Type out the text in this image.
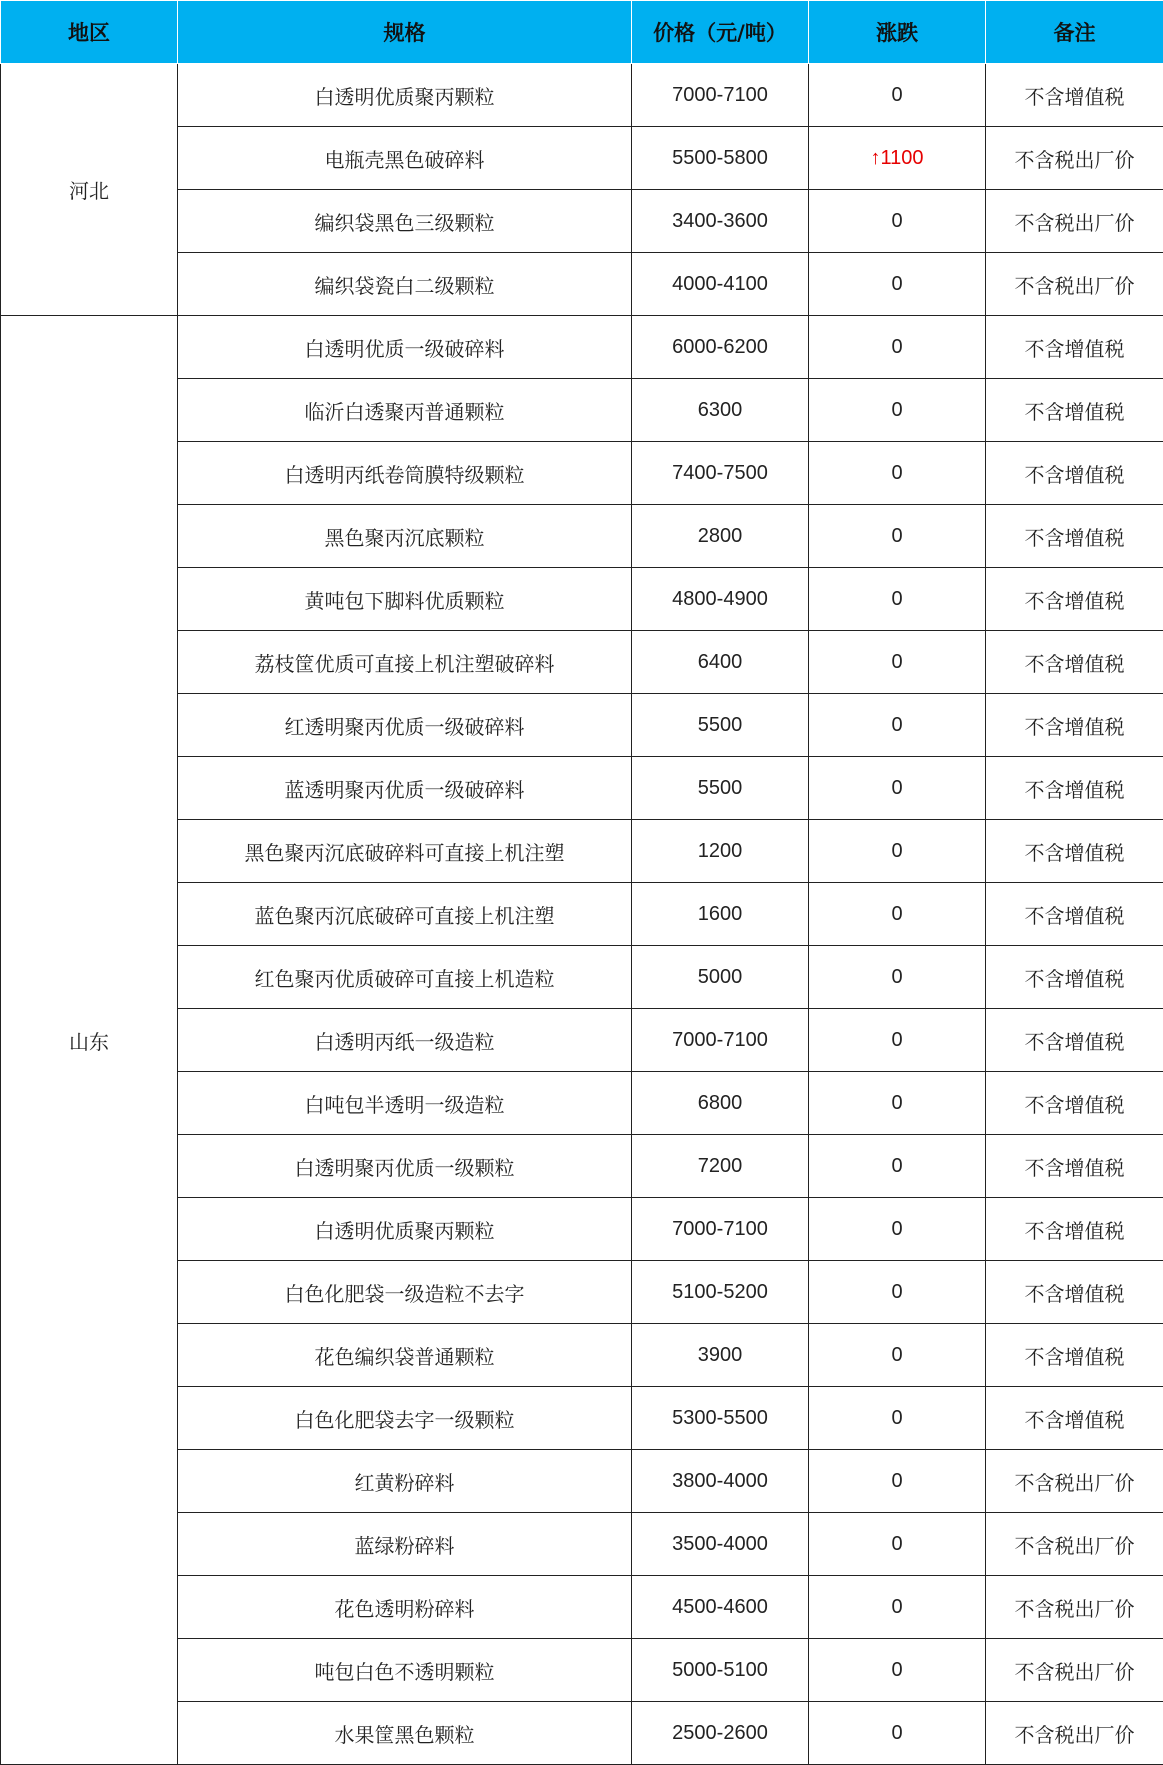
地区	规格	价格（元/吨）	涨跌	备注
河北	白透明优质聚丙颗粒	7000-7100	0	不含增值税
	电瓶壳黑色破碎料	5500-5800	↑1100	不含税出厂价
	编织袋黑色三级颗粒	3400-3600	0	不含税出厂价
	编织袋瓷白二级颗粒	4000-4100	0	不含税出厂价
山东	白透明优质一级破碎料	6000-6200	0	不含增值税
	临沂白透聚丙普通颗粒	6300	0	不含增值税
	白透明丙纸卷筒膜特级颗粒	7400-7500	0	不含增值税
	黑色聚丙沉底颗粒	2800	0	不含增值税
	黄吨包下脚料优质颗粒	4800-4900	0	不含增值税
	荔枝筐优质可直接上机注塑破碎料	6400	0	不含增值税
	红透明聚丙优质一级破碎料	5500	0	不含增值税
	蓝透明聚丙优质一级破碎料	5500	0	不含增值税
	黑色聚丙沉底破碎料可直接上机注塑	1200	0	不含增值税
	蓝色聚丙沉底破碎可直接上机注塑	1600	0	不含增值税
	红色聚丙优质破碎可直接上机造粒	5000	0	不含增值税
	白透明丙纸一级造粒	7000-7100	0	不含增值税
	白吨包半透明一级造粒	6800	0	不含增值税
	白透明聚丙优质一级颗粒	7200	0	不含增值税
	白透明优质聚丙颗粒	7000-7100	0	不含增值税
	白色化肥袋一级造粒不去字	5100-5200	0	不含增值税
	花色编织袋普通颗粒	3900	0	不含增值税
	白色化肥袋去字一级颗粒	5300-5500	0	不含增值税
	红黄粉碎料	3800-4000	0	不含税出厂价
	蓝绿粉碎料	3500-4000	0	不含税出厂价
	花色透明粉碎料	4500-4600	0	不含税出厂价
	吨包白色不透明颗粒	5000-5100	0	不含税出厂价
	水果筐黑色颗粒	2500-2600	0	不含税出厂价
